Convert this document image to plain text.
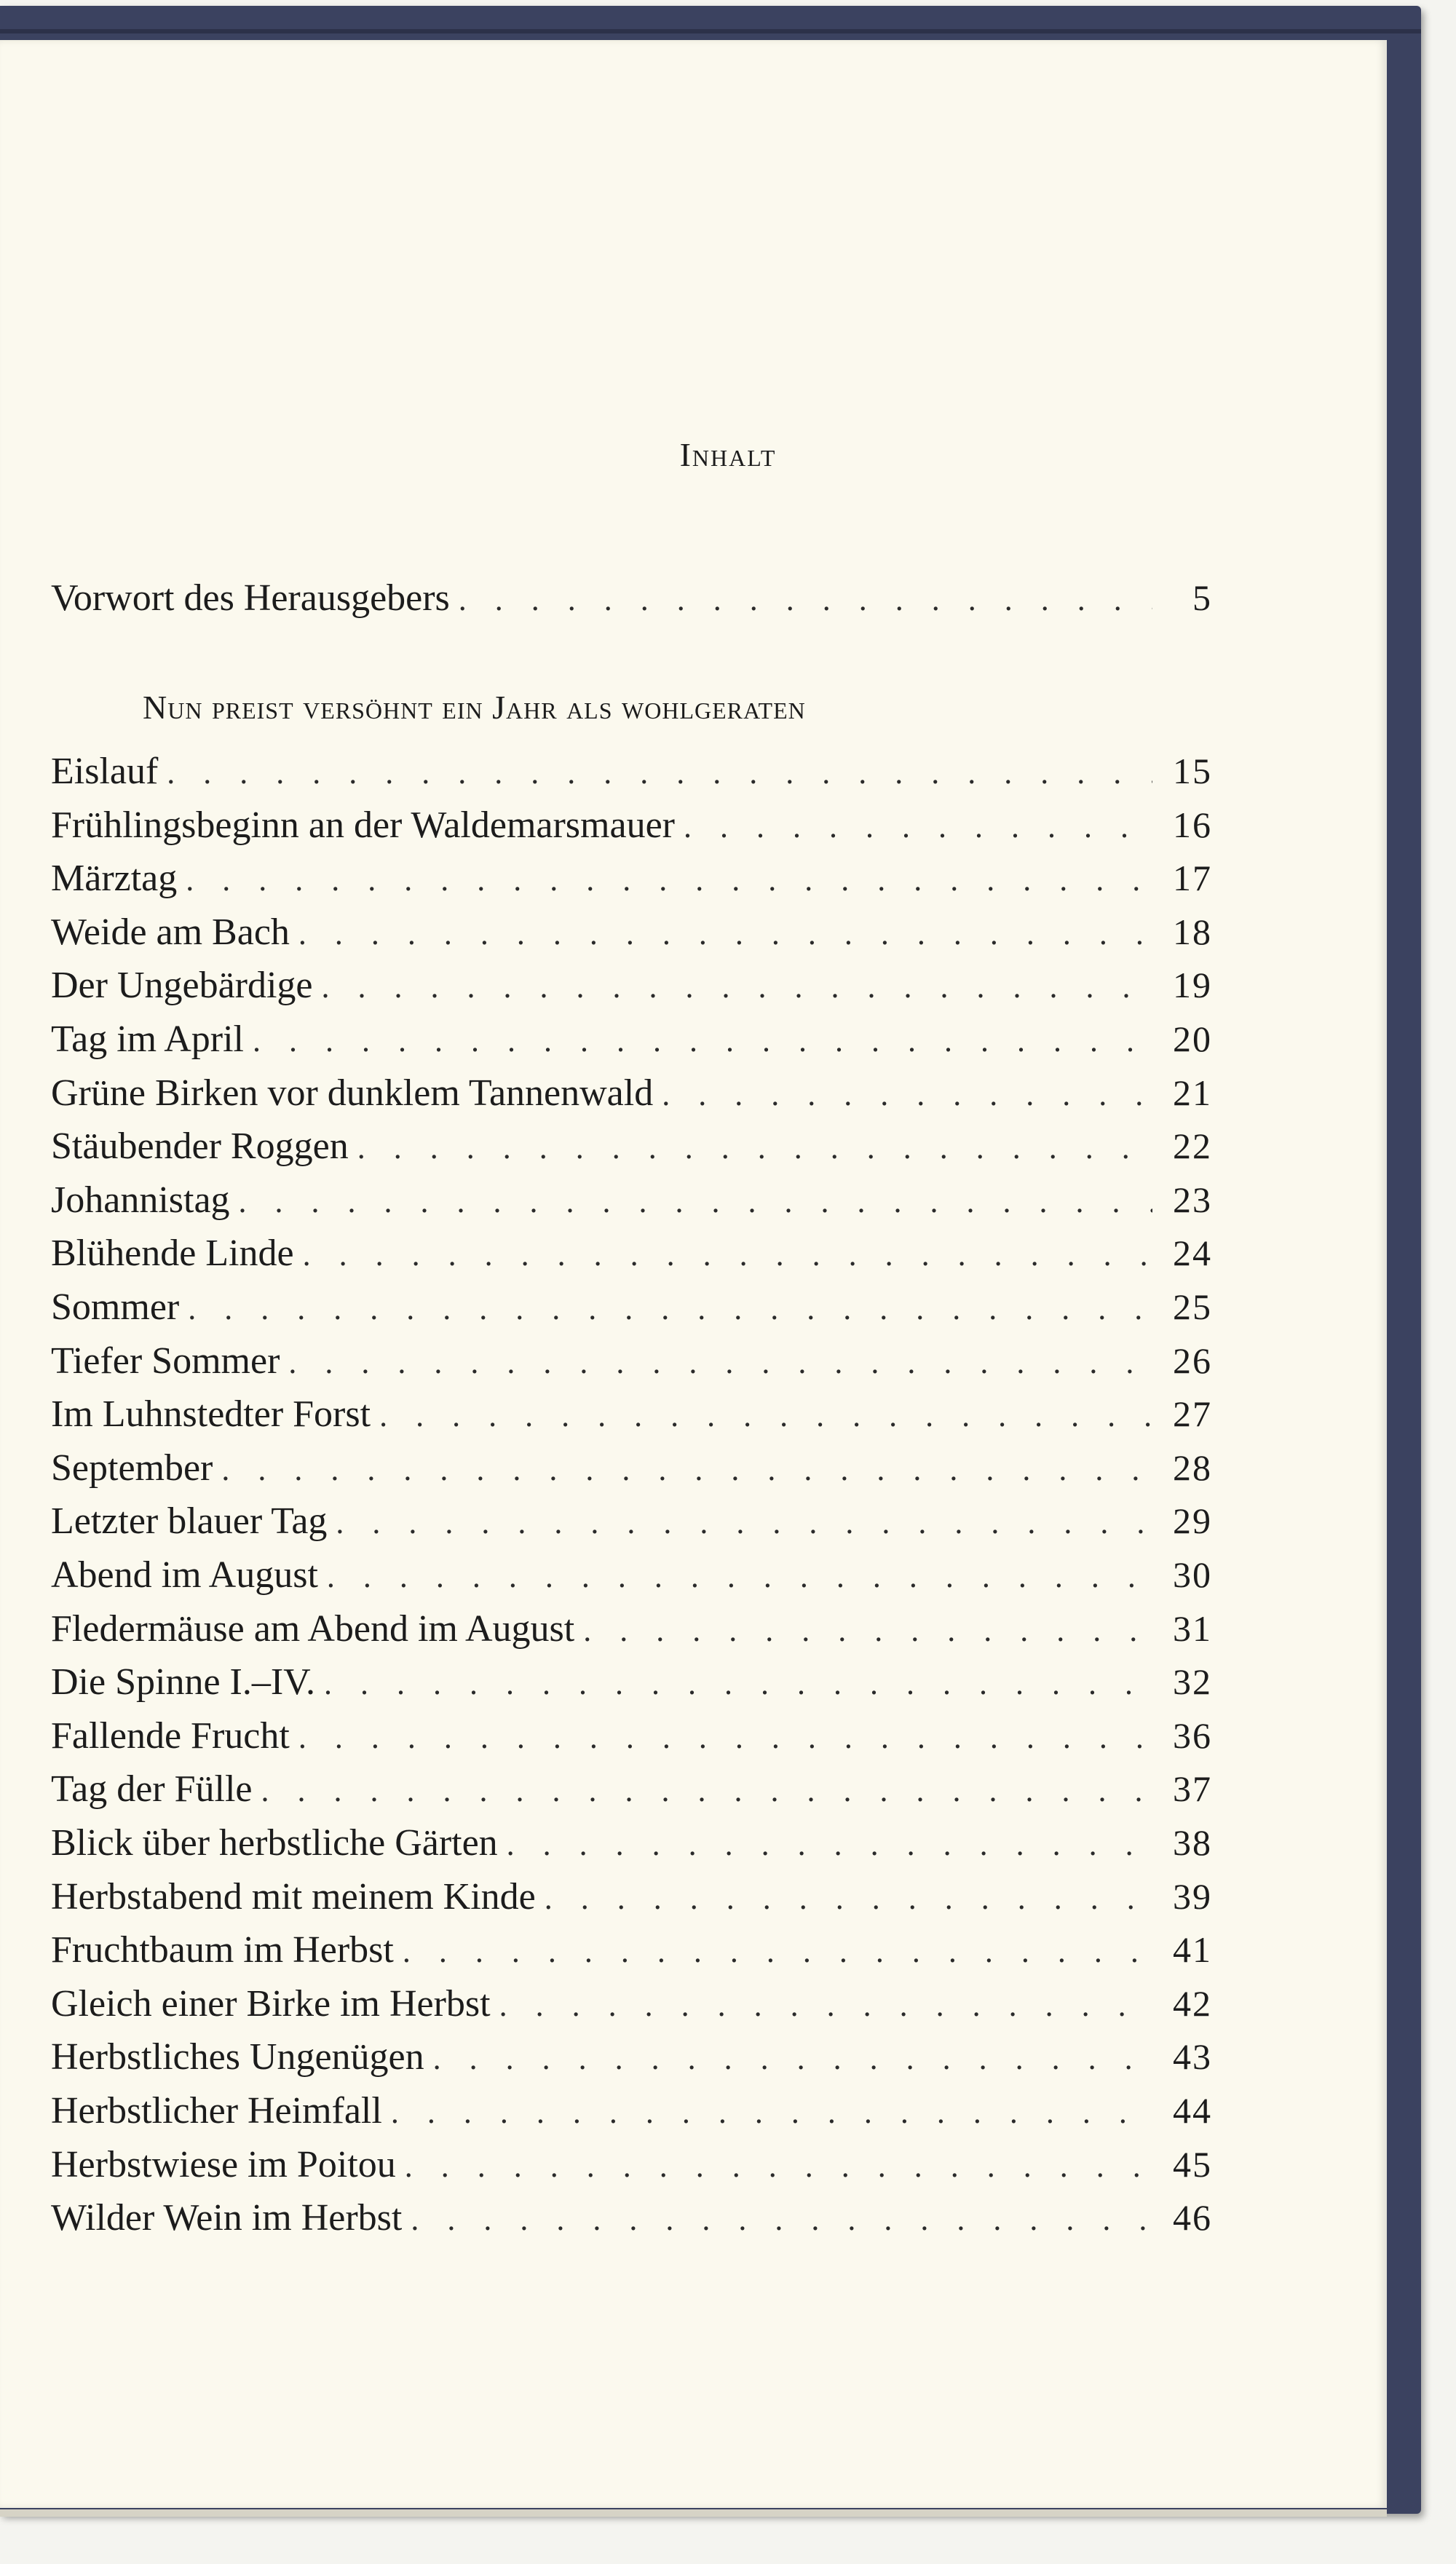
Inhalt
Vorwort des Herausgebers . . .	5
Nun preist versöhnt ein Jahr als wohlgeraten
Eislauf . . .	15
Frühlingsbeginn an der Waldemarsmauer . . .	16
Märztag . . .	17
Weide am Bach . . .	18
Der Ungebärdige . . .	19
Tag im April . . .	20
Grüne Birken vor dunklem Tannenwald . . .	21
Stäubender Roggen . . .	22
Johannistag . . .	23
Blühende Linde . . .	24
Sommer . . .	25
Tiefer Sommer . . .	26
Im Luhnstedter Forst . . .	27
September . . .	28
Letzter blauer Tag . . .	29
Abend im August . . .	30
Fledermäuse am Abend im August . . .	31
Die Spinne I.–IV. . . .	32
Fallende Frucht . . .	36
Tag der Fülle . . .	37
Blick über herbstliche Gärten . . .	38
Herbstabend mit meinem Kinde . . .	39
Fruchtbaum im Herbst . . .	41
Gleich einer Birke im Herbst . . .	42
Herbstliches Ungenügen . . .	43
Herbstlicher Heimfall . . .	44
Herbstwiese im Poitou . . .	45
Wilder Wein im Herbst . . .	46
